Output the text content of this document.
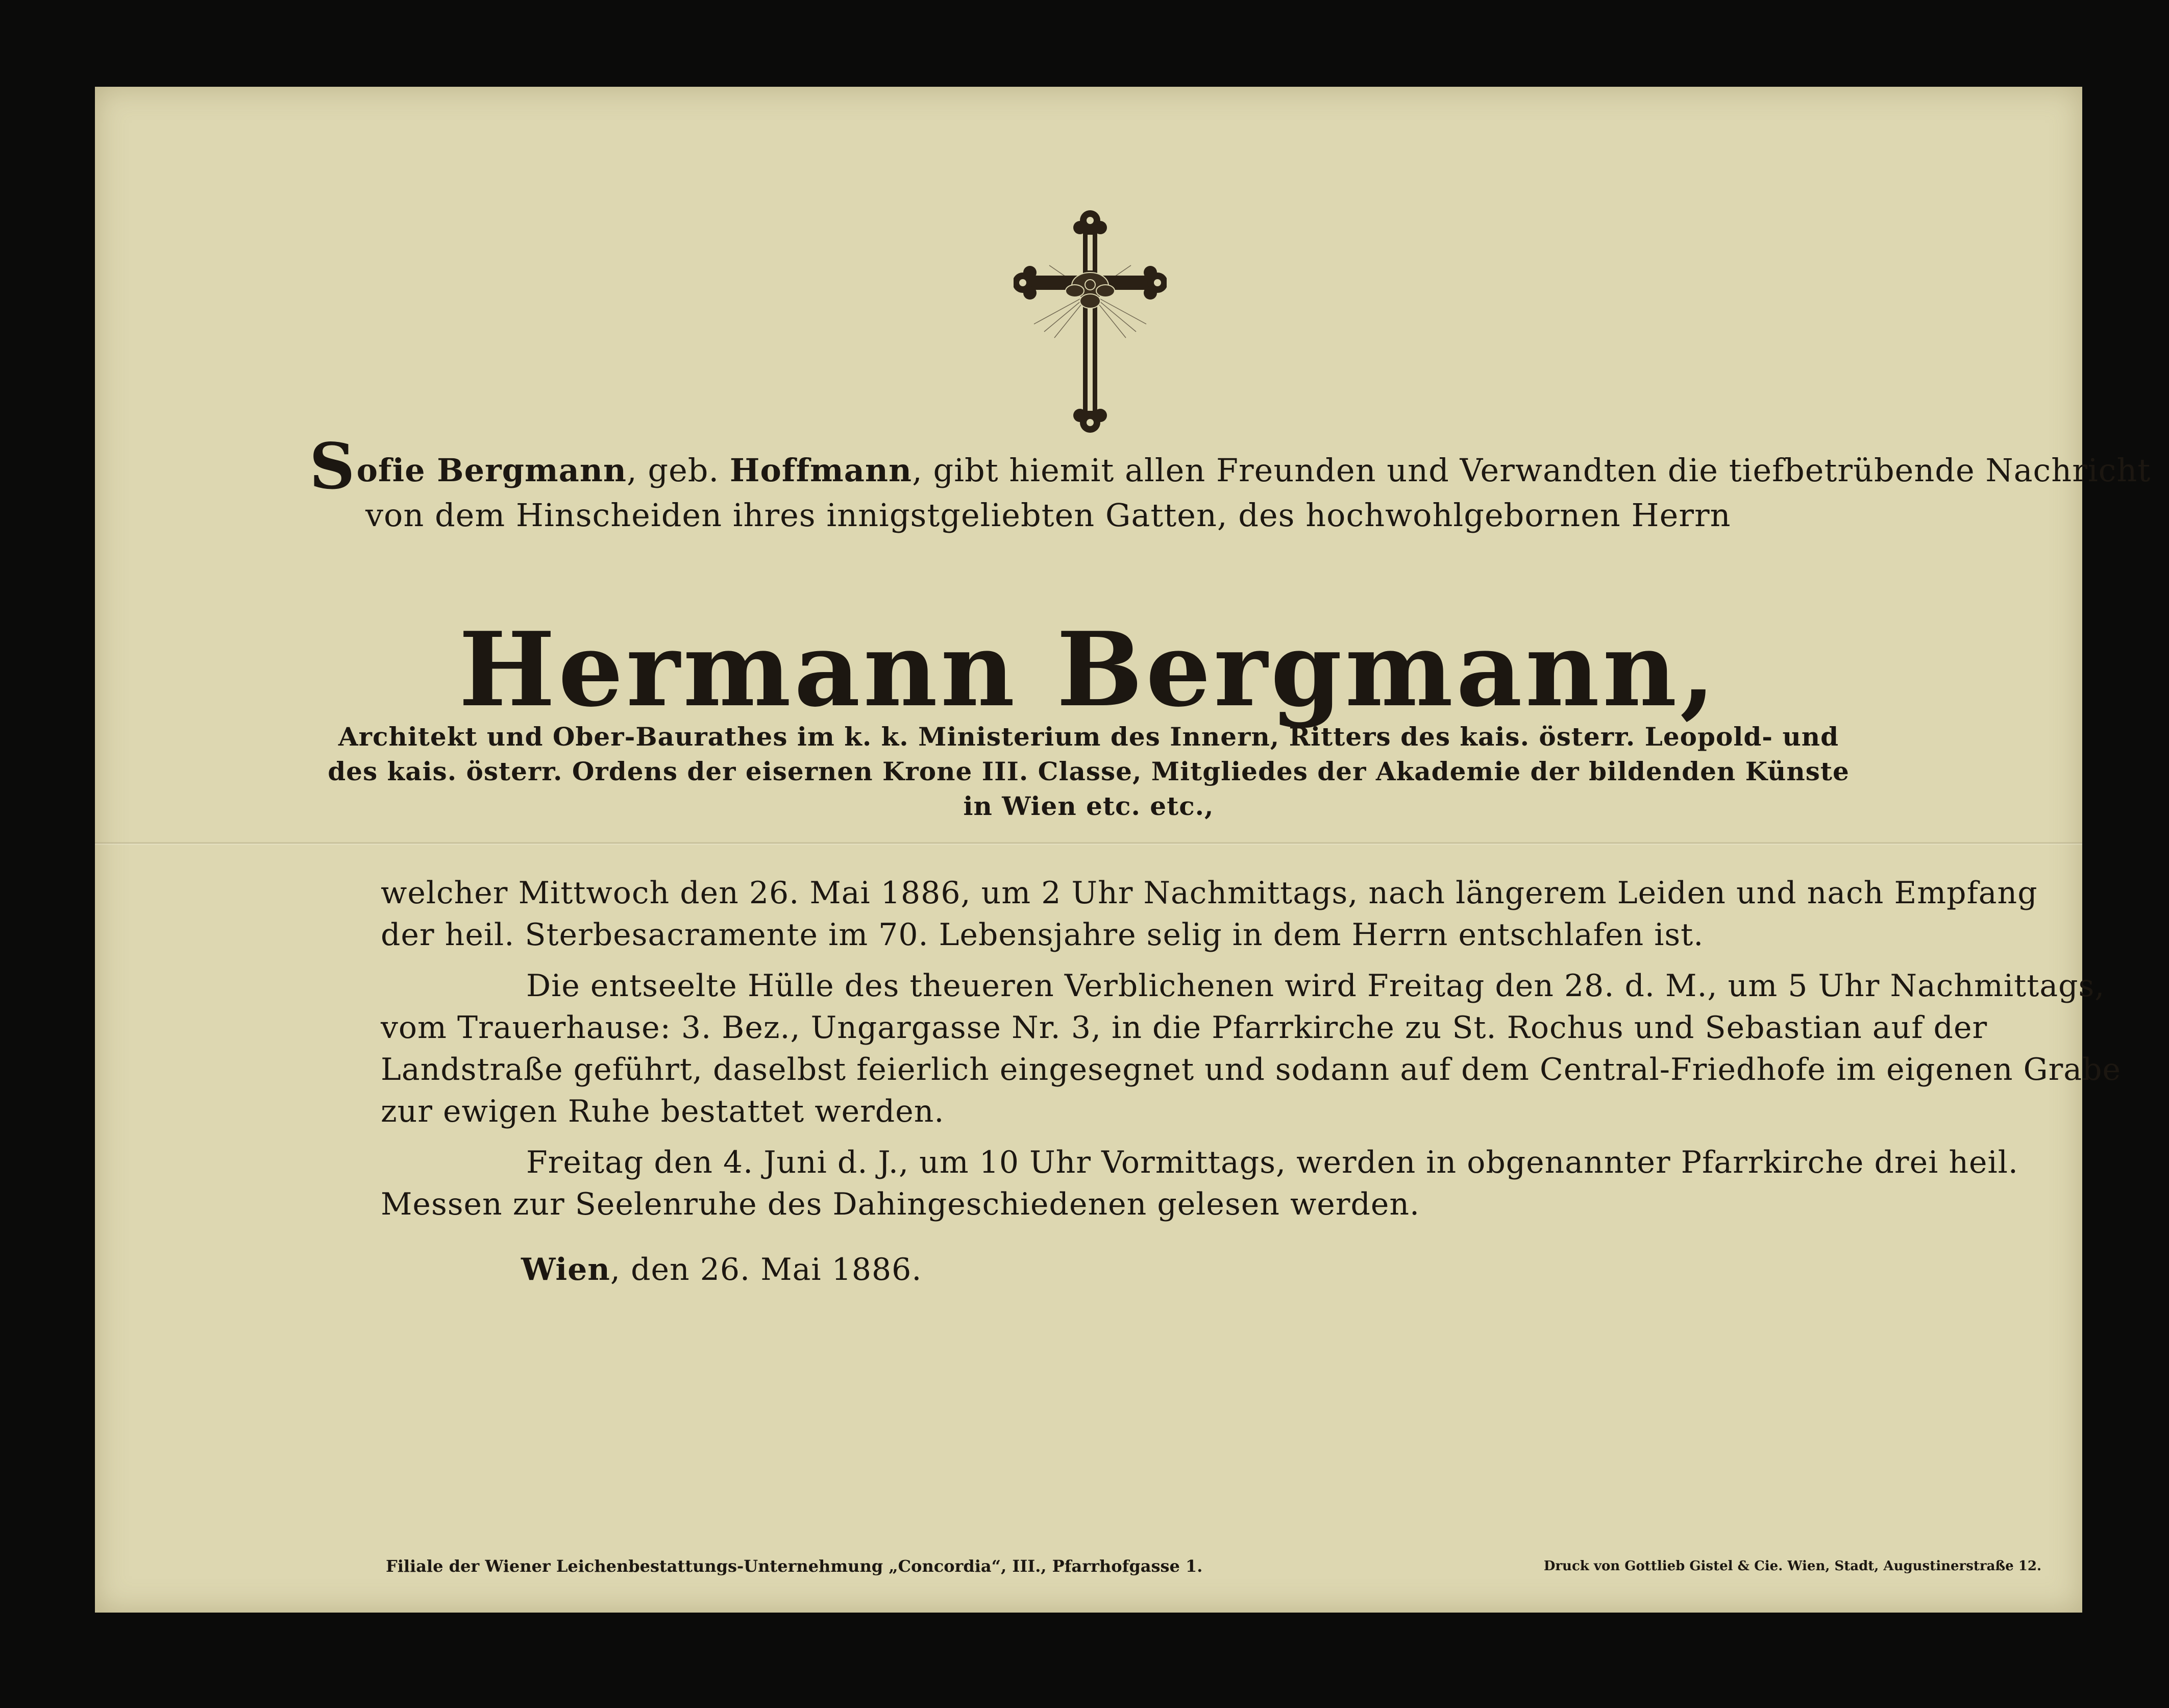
Sofie Bergmann, geb. Hoffmann, gibt hiemit allen Freunden und Verwandten die tiefbetrübende Nachricht
von dem Hinscheiden ihres innigstgeliebten Gatten, des hochwohlgebornen Herrn
Hermann Bergmann,
Architekt und Ober-Baurathes im k. k. Ministerium des Innern, Ritters des kais. österr. Leopold- und
des kais. österr. Ordens der eisernen Krone III. Classe, Mitgliedes der Akademie der bildenden Künste
in Wien etc. etc.,
welcher Mittwoch den 26. Mai 1886, um 2 Uhr Nachmittags, nach längerem Leiden und nach Empfang
der heil. Sterbesacramente im 70. Lebensjahre selig in dem Herrn entschlafen ist.
Die entseelte Hülle des theueren Verblichenen wird Freitag den 28. d. M., um 5 Uhr Nachmittags,
vom Trauerhause: 3. Bez., Ungargasse Nr. 3, in die Pfarrkirche zu St. Rochus und Sebastian auf der
Landstraße geführt, daselbst feierlich eingesegnet und sodann auf dem Central-Friedhofe im eigenen Grabe
zur ewigen Ruhe bestattet werden.
Freitag den 4. Juni d. J., um 10 Uhr Vormittags, werden in obgenannter Pfarrkirche drei heil.
Messen zur Seelenruhe des Dahingeschiedenen gelesen werden.
Wien, den 26. Mai 1886.
Filiale der Wiener Leichenbestattungs-Unternehmung „Concordia“, III., Pfarrhofgasse 1.	Druck von Gottlieb Gistel & Cie. Wien, Stadt, Augustinerstraße 12.
